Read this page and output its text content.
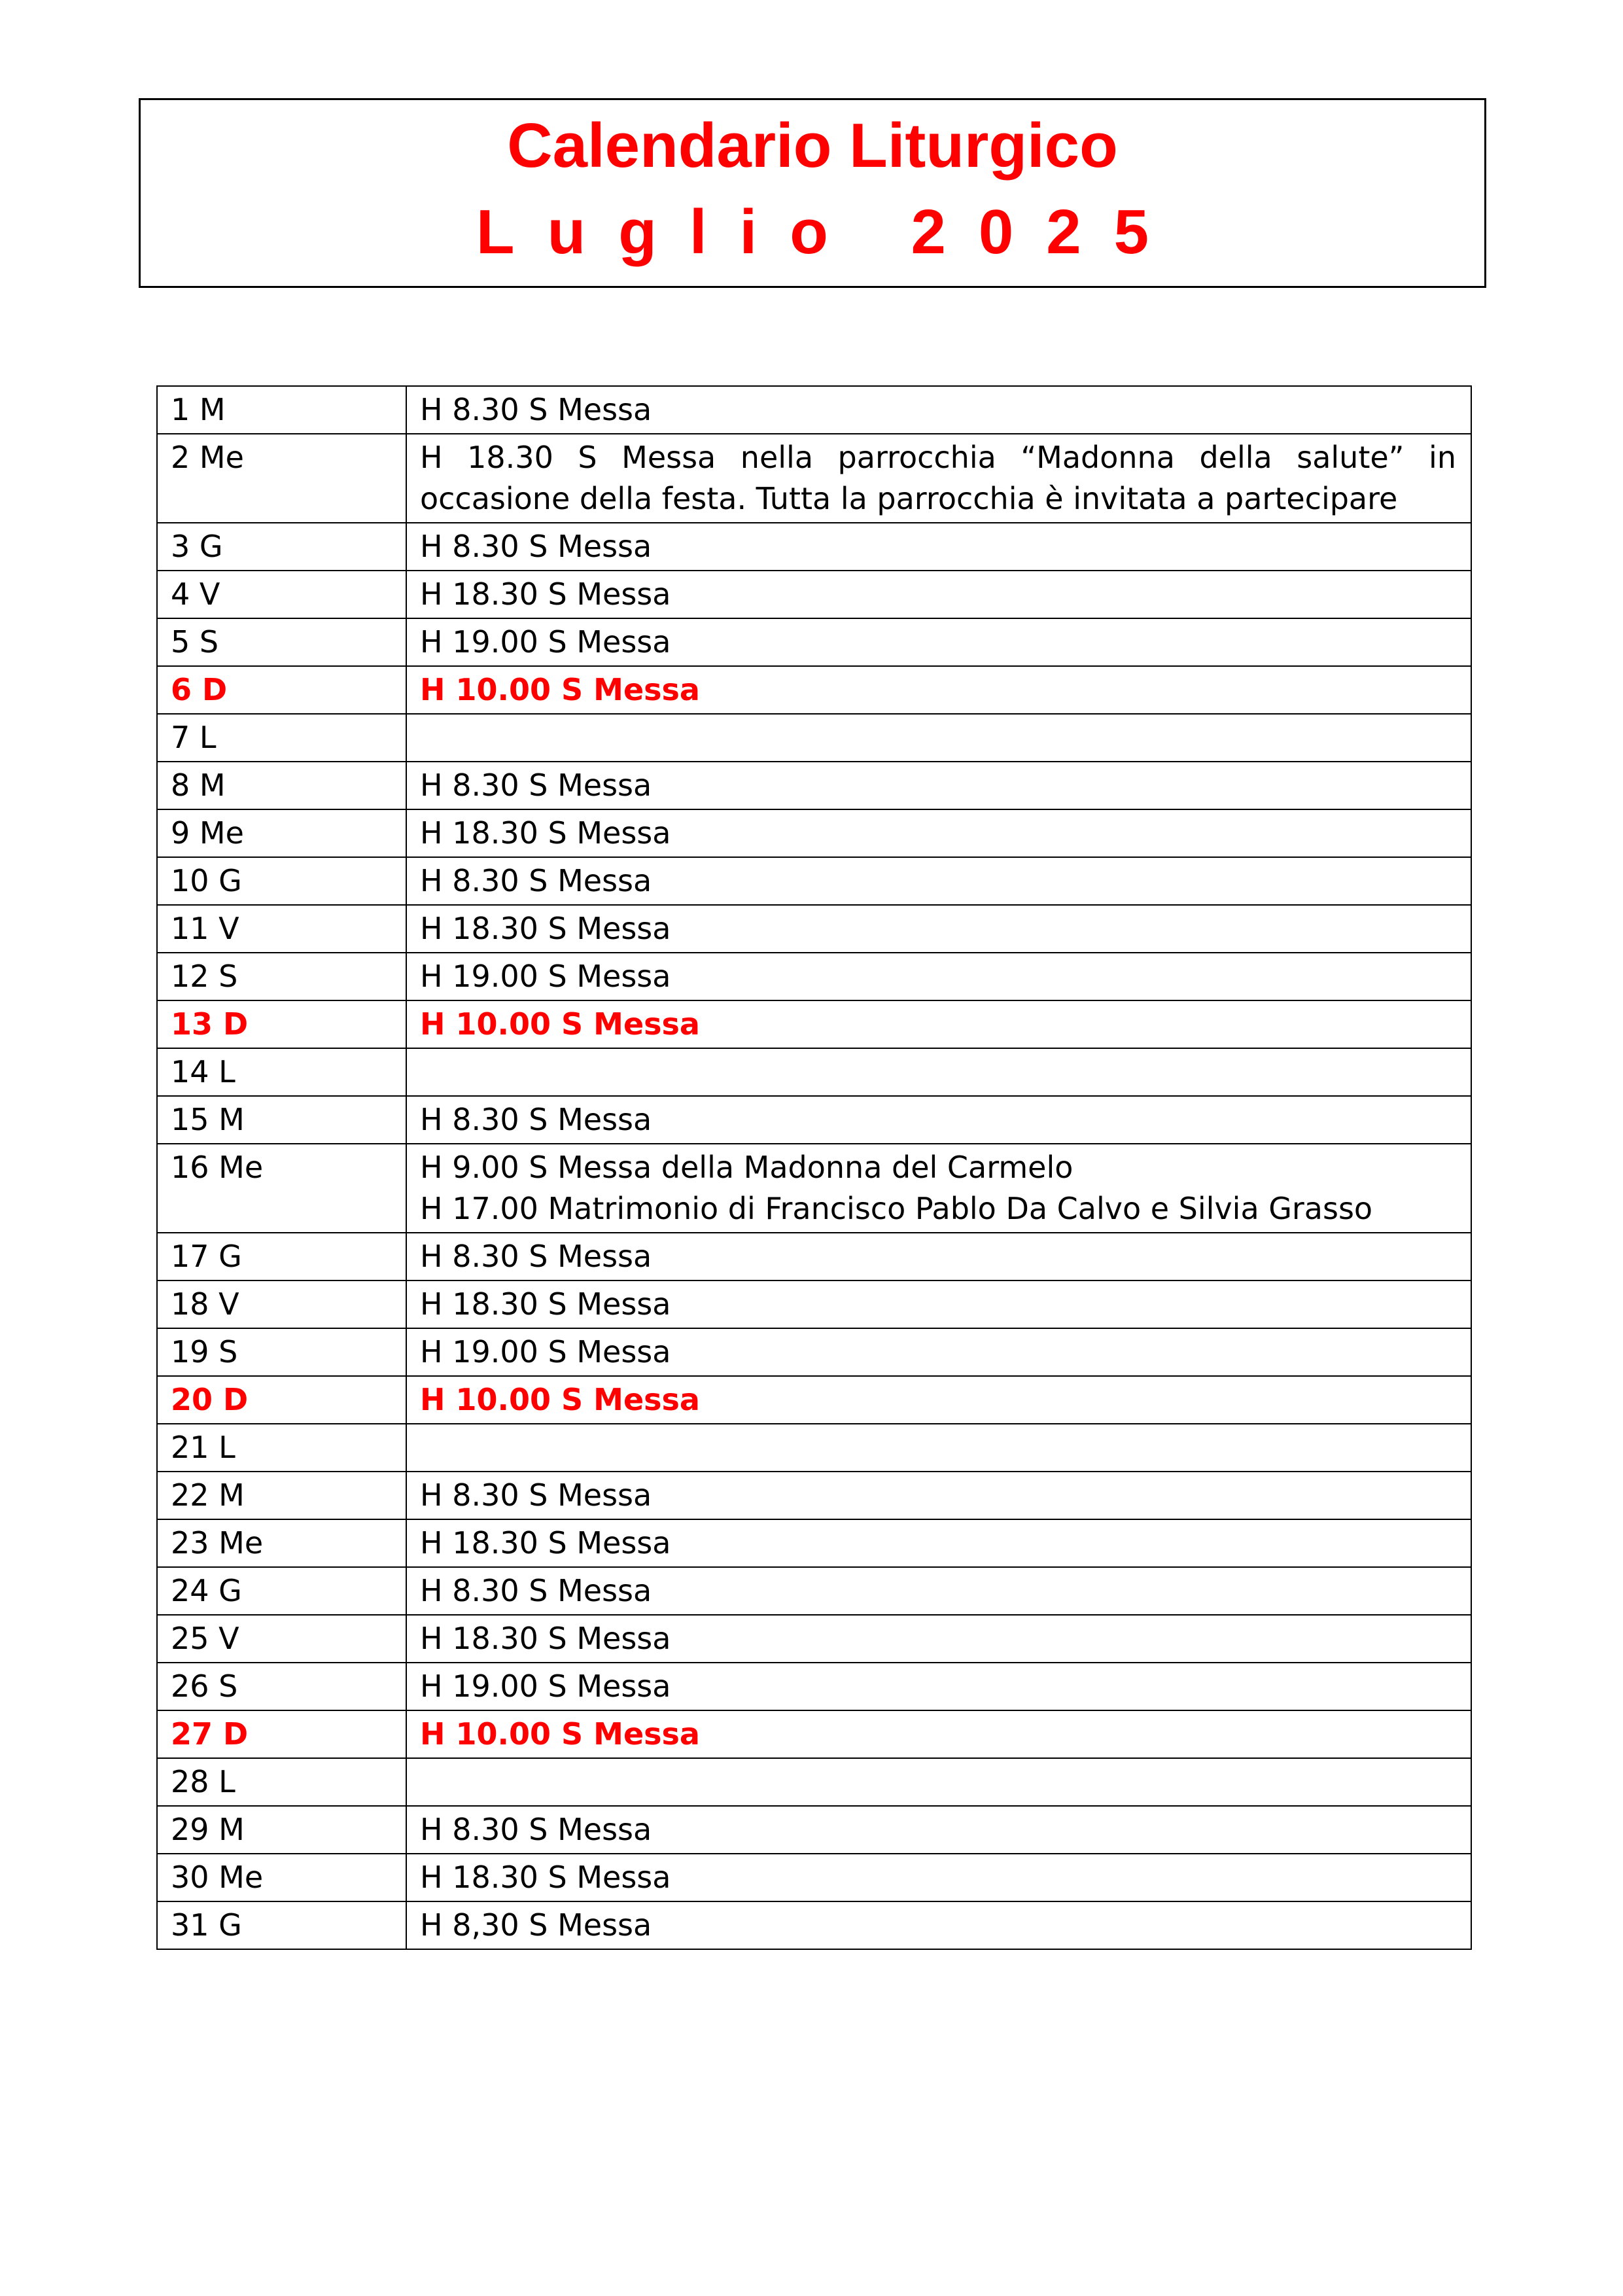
Calendario Liturgico
Luglio 2025
1 M	H 8.30 S Messa

2 Me	H 18.30 S Messa nella parrocchia “Madonna della salute” in occasione della festa. Tutta la parrocchia è invitata a partecipare

3 G	H 8.30 S Messa

4 V	H 18.30 S Messa

5 S	H 19.00 S Messa

6 D	H 10.00 S Messa

7 L	

8 M	H 8.30 S Messa

9 Me	H 18.30 S Messa

10 G	H 8.30 S Messa

11 V	H 18.30 S Messa

12 S	H 19.00 S Messa

13 D	H 10.00 S Messa

14 L	

15 M	H 8.30 S Messa

16 Me	H 9.00 S Messa della Madonna del Carmelo
H 17.00 Matrimonio di Francisco Pablo Da Calvo e Silvia Grasso

17 G	H 8.30 S Messa

18 V	H 18.30 S Messa

19 S	H 19.00 S Messa

20 D	H 10.00 S Messa

21 L	

22 M	H 8.30 S Messa

23 Me	H 18.30 S Messa

24 G	H 8.30 S Messa

25 V	H 18.30 S Messa

26 S	H 19.00 S Messa

27 D	H 10.00 S Messa

28 L	

29 M	H 8.30 S Messa

30 Me	H 18.30 S Messa

31 G	H 8,30 S Messa
